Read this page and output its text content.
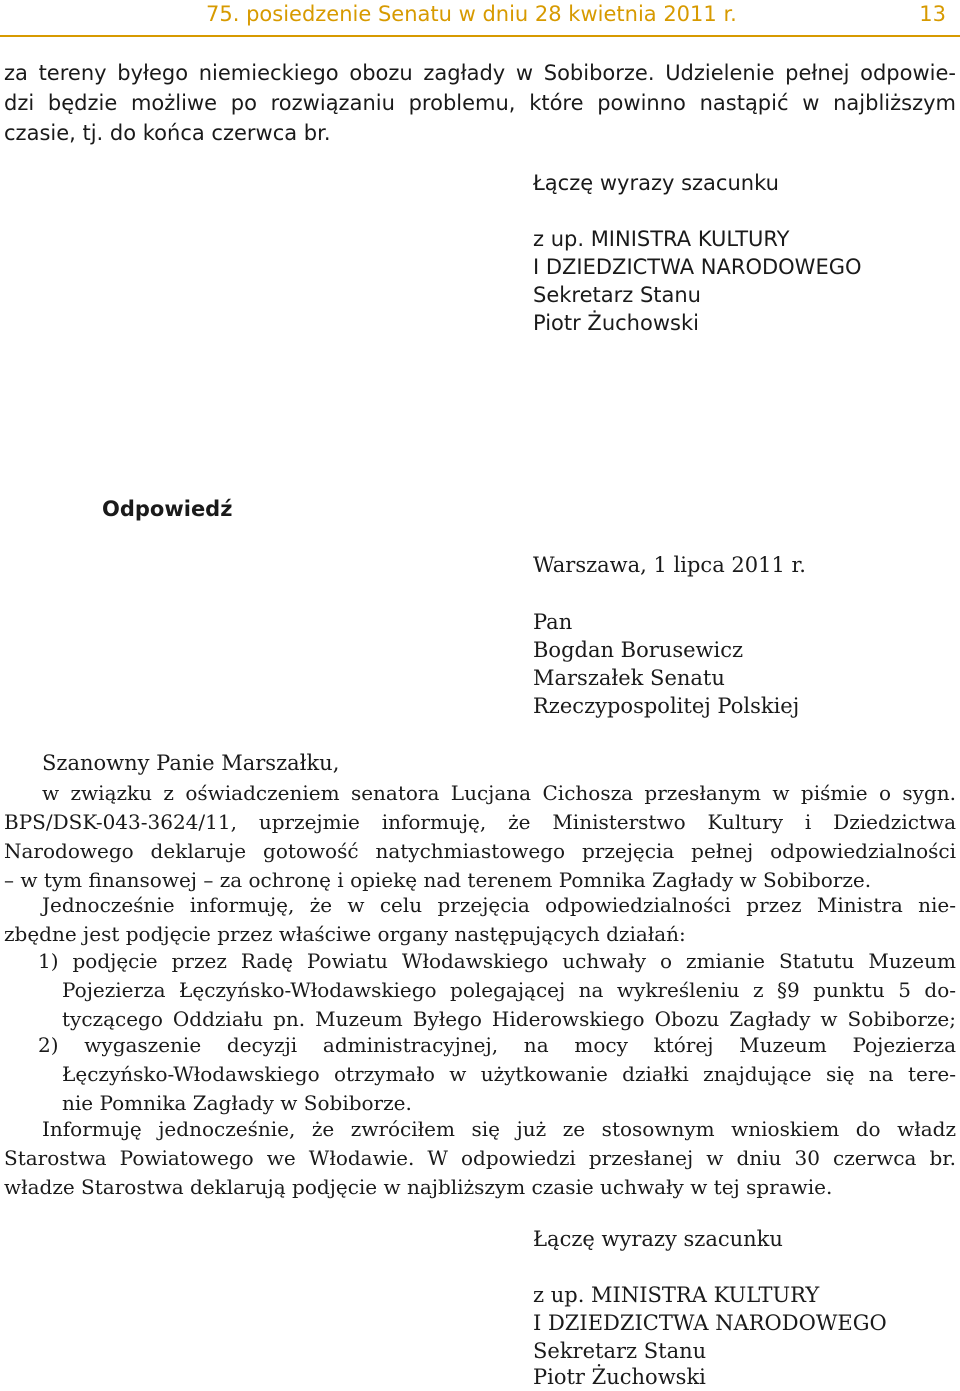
75. posiedzenie Senatu w dniu 28 kwietnia 2011 r.	13
za tereny byłego niemieckiego obozu zagłady w Sobiborze. Udzielenie pełnej odpowie-
dzi będzie możliwe po rozwiązaniu problemu, które powinno nastąpić w najbliższym
czasie, tj. do końca czerwca br.
Łączę wyrazy szacunku
z up. MINISTRA KULTURY
I DZIEDZICTWA NARODOWEGO
Sekretarz Stanu
Piotr Żuchowski
Odpowiedź
Warszawa, 1 lipca 2011 r.
Pan
Bogdan Borusewicz
Marszałek Senatu
Rzeczypospolitej Polskiej
Szanowny Panie Marszałku,
w związku z oświadczeniem senatora Lucjana Cichosza przesłanym w piśmie o sygn.
BPS/DSK-043-3624/11, uprzejmie informuję, że Ministerstwo Kultury i Dziedzictwa
Narodowego deklaruje gotowość natychmiastowego przejęcia pełnej odpowiedzialności
– w tym finansowej – za ochronę i opiekę nad terenem Pomnika Zagłady w Sobiborze.
Jednocześnie informuję, że w celu przejęcia odpowiedzialności przez Ministra nie-
zbędne jest podjęcie przez właściwe organy następujących działań:
1) podjęcie przez Radę Powiatu Włodawskiego uchwały o zmianie Statutu Muzeum
Pojezierza Łęczyńsko-Włodawskiego polegającej na wykreśleniu z §9 punktu 5 do-
tyczącego Oddziału pn. Muzeum Byłego Hiderowskiego Obozu Zagłady w Sobiborze;
2) wygaszenie decyzji administracyjnej, na mocy której Muzeum Pojezierza
Łęczyńsko-Włodawskiego otrzymało w użytkowanie działki znajdujące się na tere-
nie Pomnika Zagłady w Sobiborze.
Informuję jednocześnie, że zwróciłem się już ze stosownym wnioskiem do władz
Starostwa Powiatowego we Włodawie. W odpowiedzi przesłanej w dniu 30 czerwca br.
władze Starostwa deklarują podjęcie w najbliższym czasie uchwały w tej sprawie.
Łączę wyrazy szacunku
z up. MINISTRA KULTURY
I DZIEDZICTWA NARODOWEGO
Sekretarz Stanu
Piotr Żuchowski
